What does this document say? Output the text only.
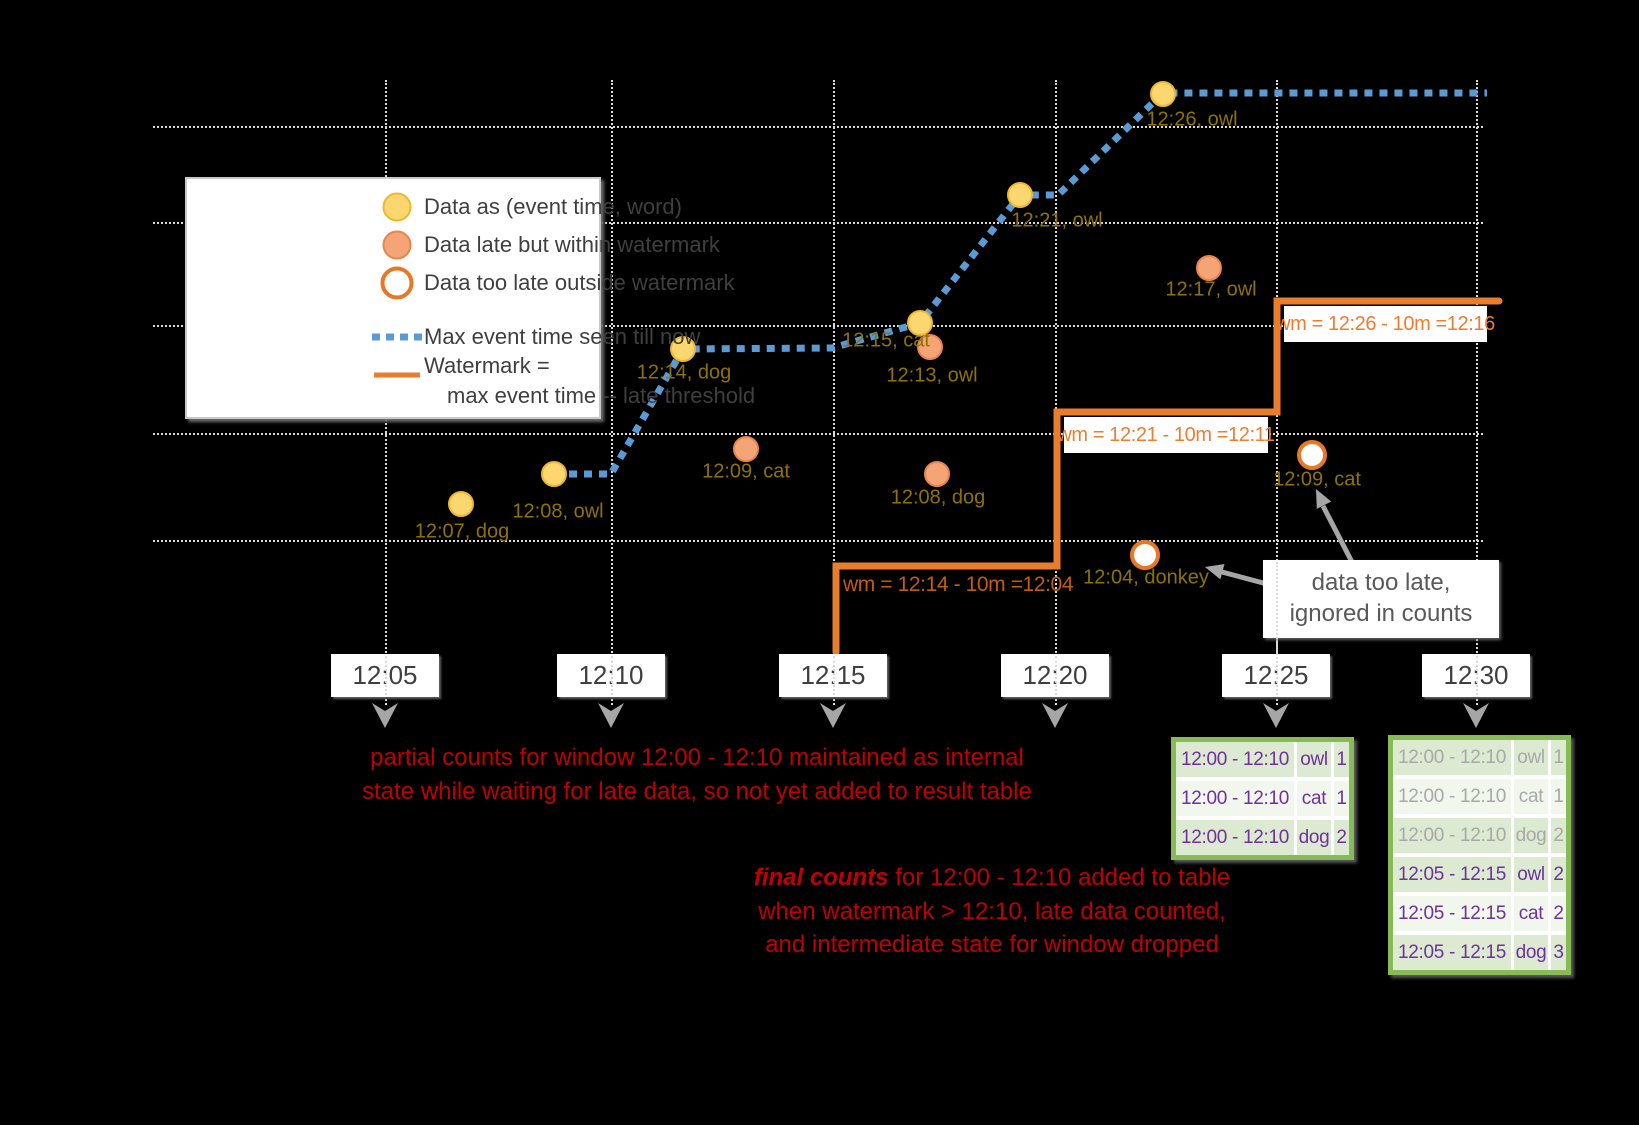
12:07, dog
12:08, owl
12:14, dog
12:15, cat
12:21, owl
12:26, owl
12:09, cat
12:08, dog
12:13, owl
12:17, owl
12:04, donkey
12:09, cat
12:05	12:10	12:15	12:20	12:25	12:30
Data as (event time, word)
Data late but within watermark
Data too late outside watermark
Max event time seen till now
Watermark =
max event time -- late threshold
wm = 12:14 - 10m =12:04
wm = 12:21 - 10m =12:11
wm = 12:26 - 10m =12:16
partial counts for window 12:00 - 12:10 maintained as internal
state while waiting for late data, so not yet added to result table
final counts for 12:00 - 12:10 added to table
when watermark > 12:10, late data counted,
and intermediate state for window dropped
data too late,
ignored in counts
12:00 - 12:10 owl 1
12:00 - 12:10 cat 1
12:00 - 12:10 dog 2
12:00 - 12:10 owl 1
12:00 - 12:10 cat 1
12:00 - 12:10 dog 2
12:05 - 12:15 owl 2
12:05 - 12:15 cat 2
12:05 - 12:15 dog 3
